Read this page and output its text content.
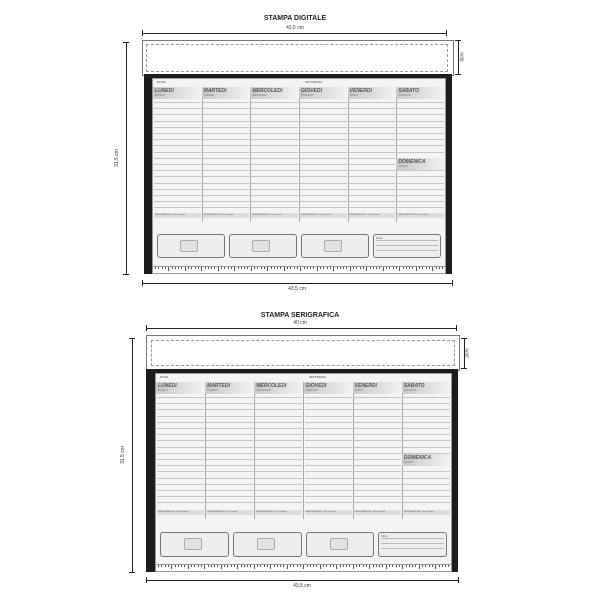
STAMPA DIGITALE
43,5 cm
4cm
31,5 cm
NOTE	SETTIMANA
LUNEDI
MONDAY
MEMORANDUM - Da ricordare
MARTEDI
TUESDAY
MEMORANDUM - Da ricordare
MERCOLEDI
WEDNESDAY
MEMORANDUM - Da ricordare
GIOVEDI
THURSDAY
MEMORANDUM - Da ricordare
VENERDI
FRIDAY
MEMORANDUM - Da ricordare
SABATO
SATURDAY
DOMENICA
SUNDAY
MEMORANDUM - Da ricordare
Note
43,5 cm
STAMPA SERIGRAFICA
40 cm
3cm
31,5 cm
NOTE	SETTIMANA
LUNEDI
MONDAY
MEMORANDUM - Da ricordare
MARTEDI
TUESDAY
MEMORANDUM - Da ricordare
MERCOLEDI
WEDNESDAY
MEMORANDUM - Da ricordare
GIOVEDI
THURSDAY
MEMORANDUM - Da ricordare
VENERDI
FRIDAY
MEMORANDUM - Da ricordare
SABATO
SATURDAY
DOMENICA
SUNDAY
MEMORANDUM - Da ricordare
Note
43,5 cm
